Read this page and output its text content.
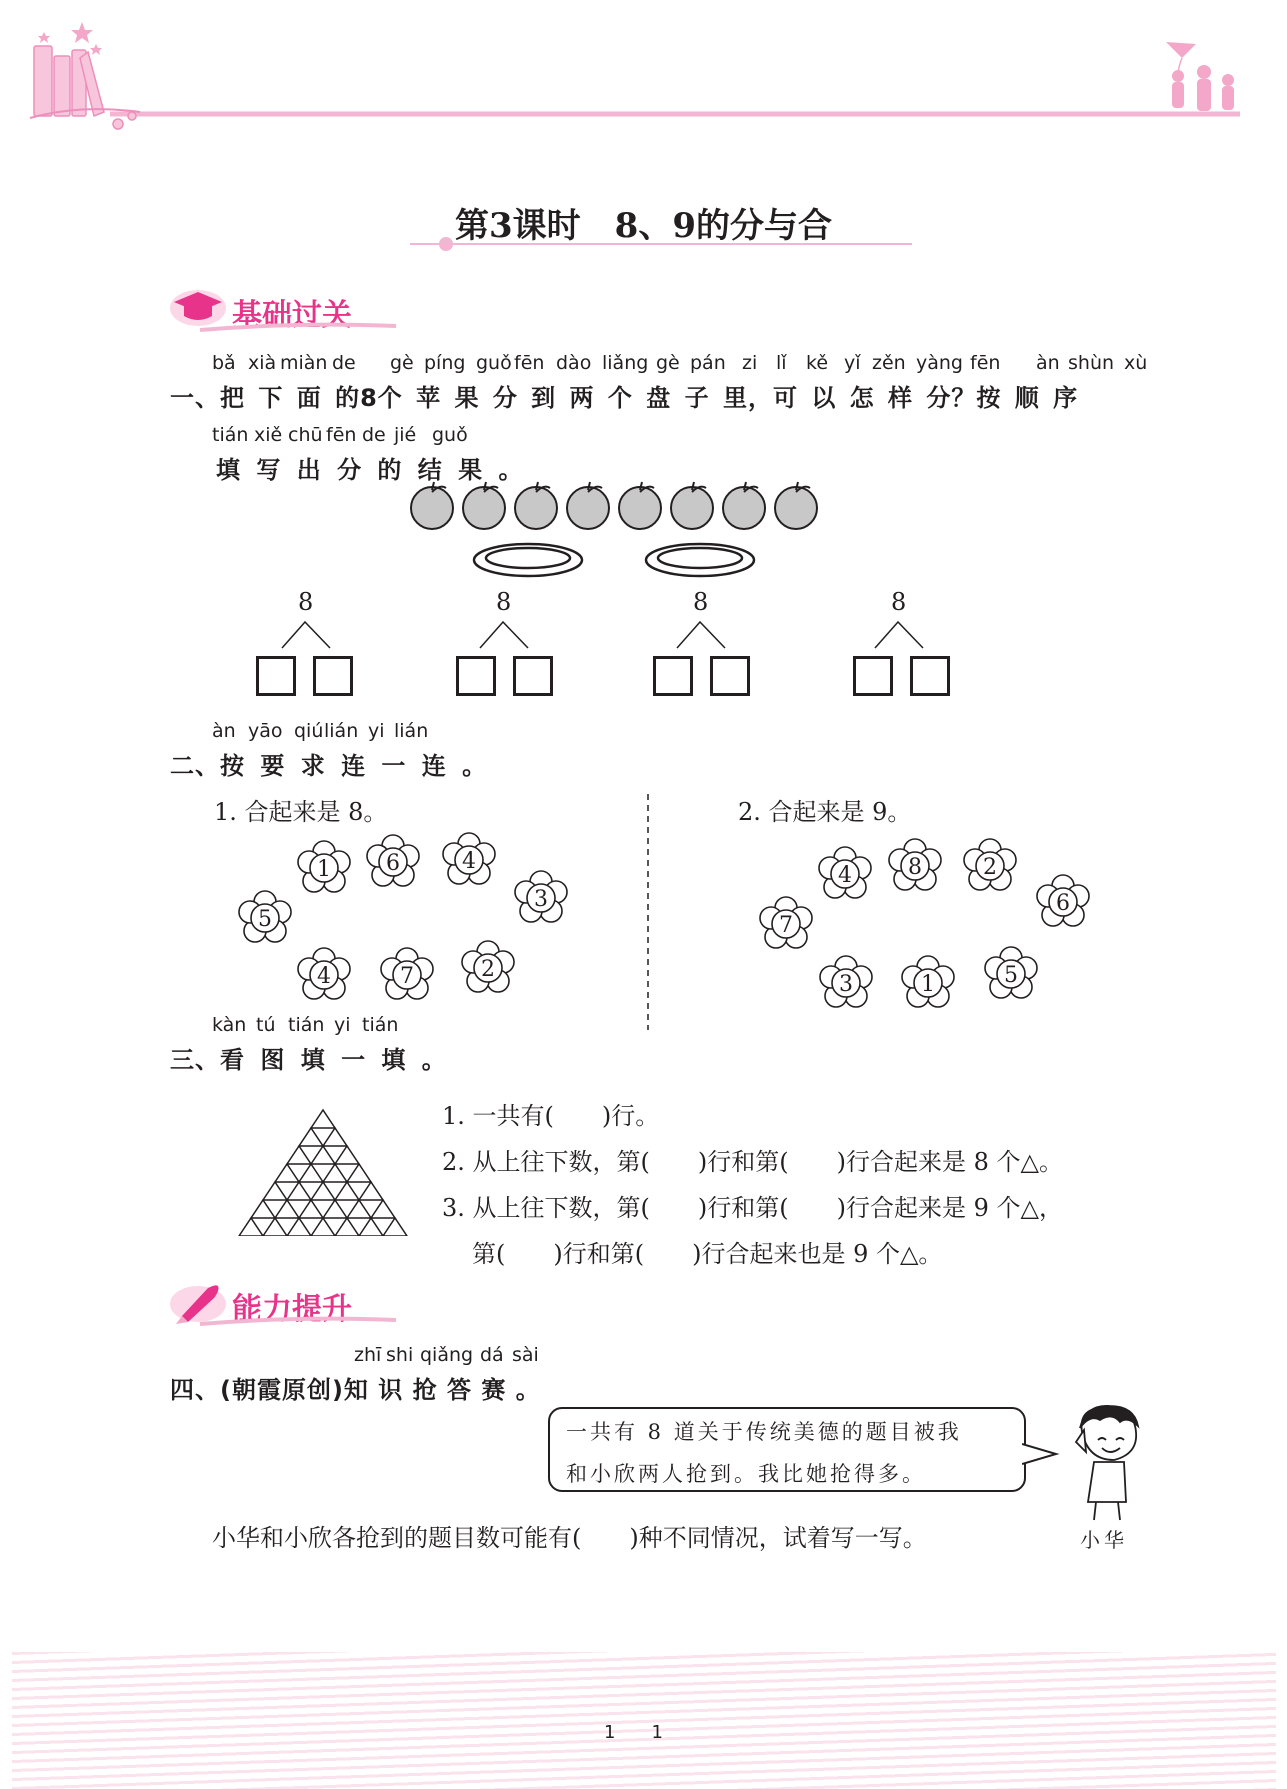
第3课时　8、9的分与合
基础过关
bǎ xià miàn de gè píng guǒ fēn dào liǎng gè pán zi lǐ kě yǐ zěn yàng fēn àn shùn xù
一、把 下 面 的8个 苹 果 分 到 两 个 盘 子 里，可 以 怎 样 分？按 顺 序
tián xiě chū fēn de jié guǒ
填 写 出 分 的 结 果 。
8	8	8	8
àn yāo qiú lián yi lián
二、按 要 求 连 一 连 。
1. 合起来是 8。	2. 合起来是 9。
1	6	4
3
5
4	7	2
4	8	2
6
7
3	1	5
kàn tú tián yi tián
三、看 图 填 一 填 。
1. 一共有(　　)行。
2. 从上往下数，第(　　)行和第(　　)行合起来是 8 个△。
3. 从上往下数，第(　　)行和第(　　)行合起来是 9 个△，
第(　　)行和第(　　)行合起来也是 9 个△。
能力提升
zhī shi qiǎng dá sài
四、(朝霞原创)知 识 抢 答 赛 。
一共有 8 道关于传统美德的题目被我
和小欣两人抢到。我比她抢得多。
小华
小华和小欣各抢到的题目数可能有(　　)种不同情况，试着写一写。
1　　1
